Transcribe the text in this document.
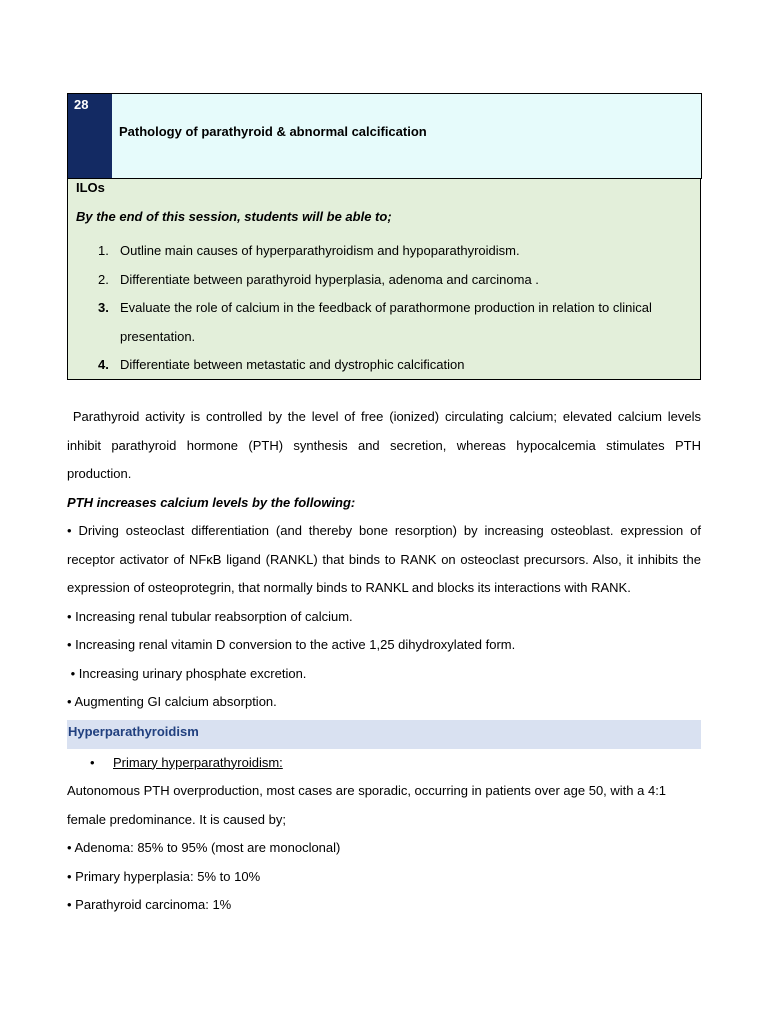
28
Pathology of parathyroid & abnormal calcification
ILOs
By the end of this session, students will be able to;
1. Outline main causes of hyperparathyroidism and hypoparathyroidism.
2. Differentiate between parathyroid hyperplasia, adenoma and carcinoma .
3. Evaluate the role of calcium in the feedback of parathormone production in relation to clinical presentation.
4. Differentiate between metastatic and dystrophic calcification

Parathyroid activity is controlled by the level of free (ionized) circulating calcium; elevated calcium levels inhibit parathyroid hormone (PTH) synthesis and secretion, whereas hypocalcemia stimulates PTH production.

PTH increases calcium levels by the following:

• Driving osteoclast differentiation (and thereby bone resorption) by increasing osteoblast. expression of receptor activator of NFκB ligand (RANKL) that binds to RANK on osteoclast precursors. Also, it inhibits the expression of osteoprotegrin, that normally binds to RANKL and blocks its interactions with RANK.

• Increasing renal tubular reabsorption of calcium.

• Increasing renal vitamin D conversion to the active 1,25 dihydroxylated form.

• Increasing urinary phosphate excretion.

• Augmenting GI calcium absorption.

Hyperparathyroidism

• Primary hyperparathyroidism:

Autonomous PTH overproduction, most cases are sporadic, occurring in patients over age 50, with a 4:1 female predominance. It is caused by;

• Adenoma: 85% to 95% (most are monoclonal)

• Primary hyperplasia: 5% to 10%

• Parathyroid carcinoma: 1%
